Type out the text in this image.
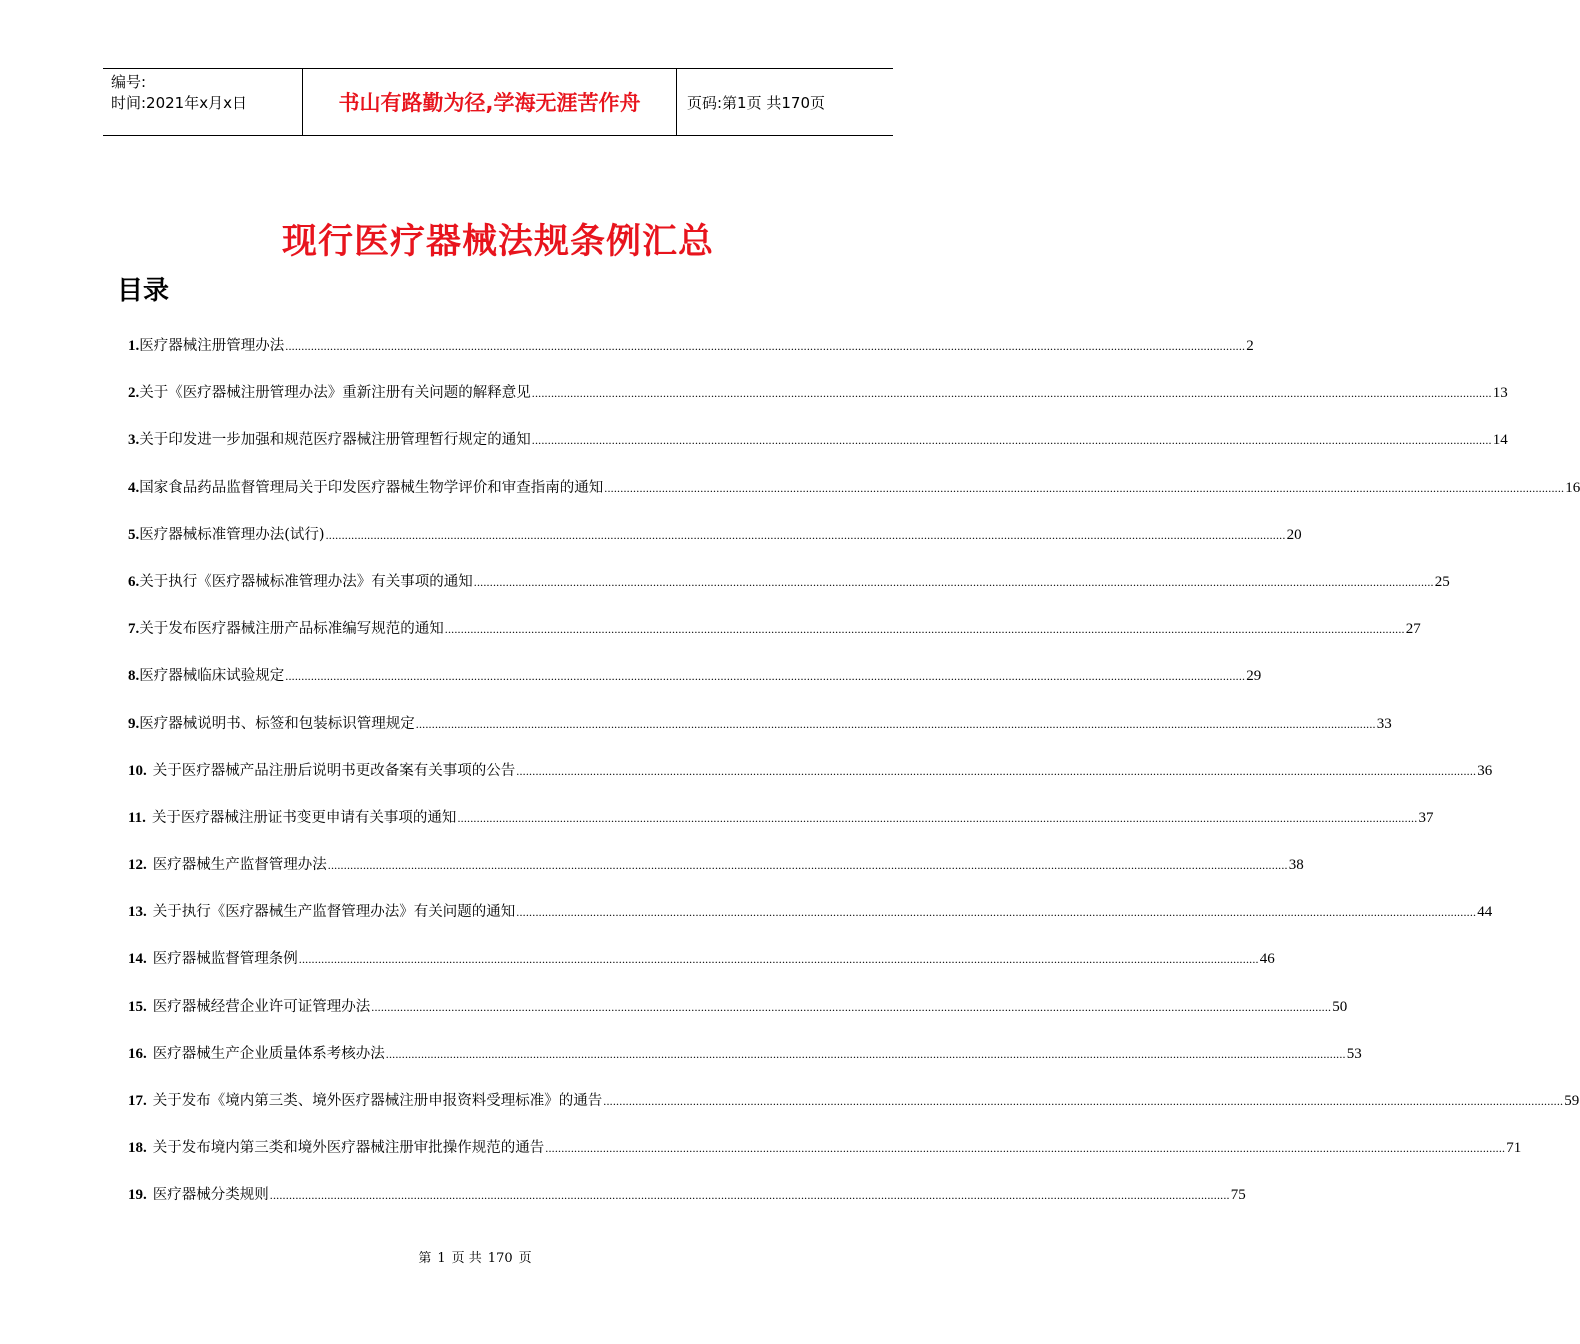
编号:
时间:2021年x月x日	书山有路勤为径,学海无涯苦作舟	页码:第1页 共170页
现行医疗器械法规条例汇总
目录
1. 医疗器械注册管理办法 ............................................................................................................................................................................................................................................................................................................ 2
2. 关于《医疗器械注册管理办法》重新注册有关问题的解释意见 ............................................................................................................................................................................................................................................................................................................ 13
3. 关于印发进一步加强和规范医疗器械注册管理暂行规定的通知 ............................................................................................................................................................................................................................................................................................................ 14
4. 国家食品药品监督管理局关于印发医疗器械生物学评价和审查指南的通知 ............................................................................................................................................................................................................................................................................................................ 16
5. 医疗器械标准管理办法(试行) ............................................................................................................................................................................................................................................................................................................ 20
6. 关于执行《医疗器械标准管理办法》有关事项的通知 ............................................................................................................................................................................................................................................................................................................ 25
7. 关于发布医疗器械注册产品标准编写规范的通知 ............................................................................................................................................................................................................................................................................................................ 27
8. 医疗器械临床试验规定 ............................................................................................................................................................................................................................................................................................................ 29
9. 医疗器械说明书、标签和包装标识管理规定 ............................................................................................................................................................................................................................................................................................................ 33
10. 关于医疗器械产品注册后说明书更改备案有关事项的公告 ............................................................................................................................................................................................................................................................................................................ 36
11. 关于医疗器械注册证书变更申请有关事项的通知 ............................................................................................................................................................................................................................................................................................................ 37
12. 医疗器械生产监督管理办法 ............................................................................................................................................................................................................................................................................................................ 38
13. 关于执行《医疗器械生产监督管理办法》有关问题的通知 ............................................................................................................................................................................................................................................................................................................ 44
14. 医疗器械监督管理条例 ............................................................................................................................................................................................................................................................................................................ 46
15. 医疗器械经营企业许可证管理办法 ............................................................................................................................................................................................................................................................................................................ 50
16. 医疗器械生产企业质量体系考核办法 ............................................................................................................................................................................................................................................................................................................ 53
17. 关于发布《境内第三类、境外医疗器械注册申报资料受理标准》的通告 ............................................................................................................................................................................................................................................................................................................ 59
18. 关于发布境内第三类和境外医疗器械注册审批操作规范的通告 ............................................................................................................................................................................................................................................................................................................ 71
19. 医疗器械分类规则 ............................................................................................................................................................................................................................................................................................................ 75
第 1 页 共 170 页
